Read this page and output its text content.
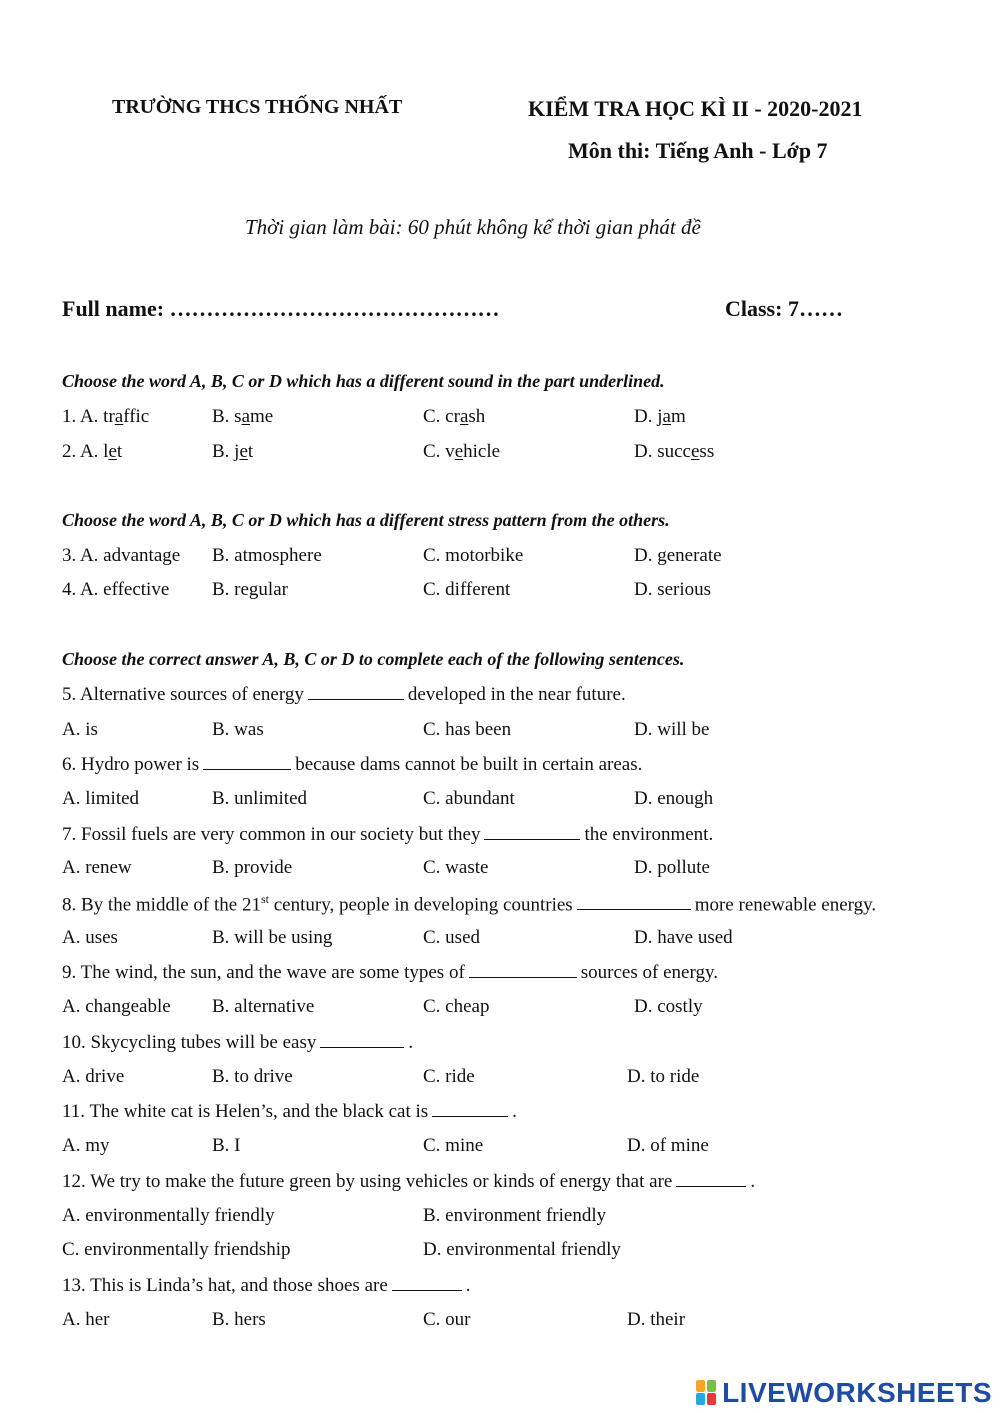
TRƯỜNG THCS THỐNG NHẤT	KIỂM TRA HỌC KÌ II - 2020-2021
Môn thi: Tiếng Anh - Lớp 7
Thời gian làm bài: 60 phút không kể thời gian phát đề
Full name: ………………………………………	Class: 7……
Choose the word A, B, C or D which has a different sound in the part underlined.
1. A. traffic	B. same	C. crash	D. jam
2. A. let	B. jet	C. vehicle	D. success
Choose the word A, B, C or D which has a different stress pattern from the others.
3. A. advantage B. atmosphere	C. motorbike	D. generate
4. A. effective B. regular	C. different	D. serious
Choose the correct answer A, B, C or D to complete each of the following sentences.
5. Alternative sources of energy	developed in the near future.
A. is	B. was	C. has been	D. will be
6. Hydro power is	because dams cannot be built in certain areas.
A. limited	B. unlimited	C. abundant	D. enough
7. Fossil fuels are very common in our society but they	the environment.
A. renew	B. provide	C. waste	D. pollute
8. By the middle of the 21st century, people in developing countries	more renewable energy.
A. uses	B. will be using	C. used	D. have used
9. The wind, the sun, and the wave are some types of	sources of energy.
A. changeable B. alternative	C. cheap	D. costly
10. Skycycling tubes will be easy	.
A. drive	B. to drive	C. ride	D. to ride
11. The white cat is Helen’s, and the black cat is	.
A. my	B. I	C. mine	D. of mine
12. We try to make the future green by using vehicles or kinds of energy that are	.
A. environmentally friendly	B. environment friendly
C. environmentally friendship	D. environmental friendly
13. This is Linda’s hat, and those shoes are	.
A. her	B. hers	C. our	D. their
LIVEWORKSHEETS
